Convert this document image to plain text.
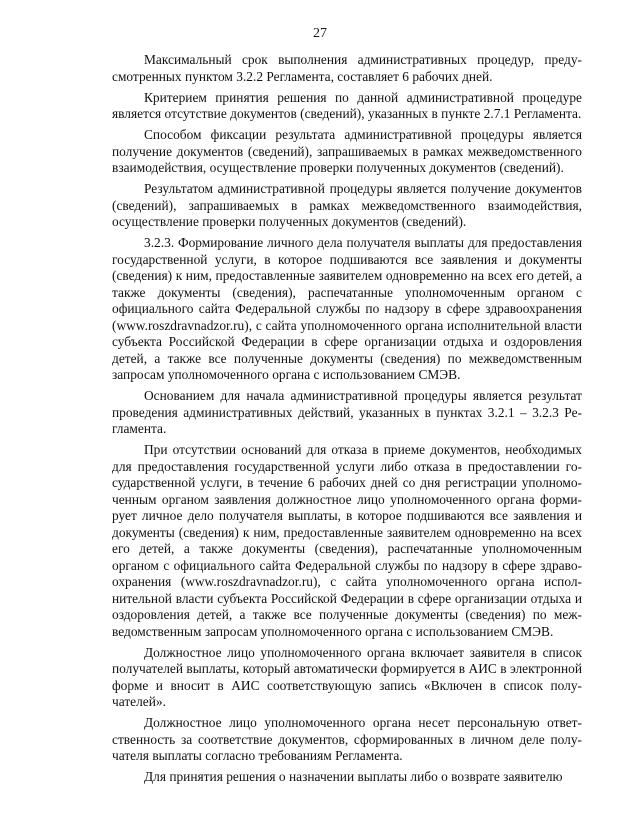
27

Максимальный срок выполнения административных процедур, предусмотренных пунктом 3.2.2 Регламента, составляет 6 рабочих дней.

Критерием принятия решения по данной административной процедуре является отсутствие документов (сведений), указанных в пункте 2.7.1 Регламента.

Способом фиксации результата административной процедуры является получение документов (сведений), запрашиваемых в рамках межведомственного взаимодействия, осуществление проверки полученных документов (сведений).

Результатом административной процедуры является получение документов (сведений), запрашиваемых в рамках межведомственного взаимодействия, осуществление проверки полученных документов (сведений).

3.2.3. Формирование личного дела получателя выплаты для предоставления государственной услуги, в которое подшиваются все заявления и документы (сведения) к ним, предоставленные заявителем одновременно на всех его детей, а также документы (сведения), распечатанные уполномоченным органом с официального сайта Федеральной службы по надзору в сфере здравоохранения (www.roszdravnadzor.ru), с сайта уполномоченного органа исполнительной власти субъекта Российской Федерации в сфере организации отдыха и оздоровления детей, а также все полученные документы (сведения) по межведомственным запросам уполномоченного органа с использованием СМЭВ.

Основанием для начала административной процедуры является результат проведения административных действий, указанных в пунктах 3.2.1 – 3.2.3 Регламента.

При отсутствии оснований для отказа в приеме документов, необходимых для предоставления государственной услуги либо отказа в предоставлении государственной услуги, в течение 6 рабочих дней со дня регистрации уполномоченным органом заявления должностное лицо уполномоченного органа формирует личное дело получателя выплаты, в которое подшиваются все заявления и документы (сведения) к ним, предоставленные заявителем одновременно на всех его детей, а также документы (сведения), распечатанные уполномоченным органом с официального сайта Федеральной службы по надзору в сфере здравоохранения (www.roszdravnadzor.ru), с сайта уполномоченного органа исполнительной власти субъекта Российской Федерации в сфере организации отдыха и оздоровления детей, а также все полученные документы (сведения) по межведомственным запросам уполномоченного органа с использованием СМЭВ.

Должностное лицо уполномоченного органа включает заявителя в список получателей выплаты, который автоматически формируется в АИС в электронной форме и вносит в АИС соответствующую запись «Включен в список получателей».

Должностное лицо уполномоченного органа несет персональную ответственность за соответствие документов, сформированных в личном деле получателя выплаты согласно требованиям Регламента.

Для принятия решения о назначении выплаты либо о возврате заявителю
